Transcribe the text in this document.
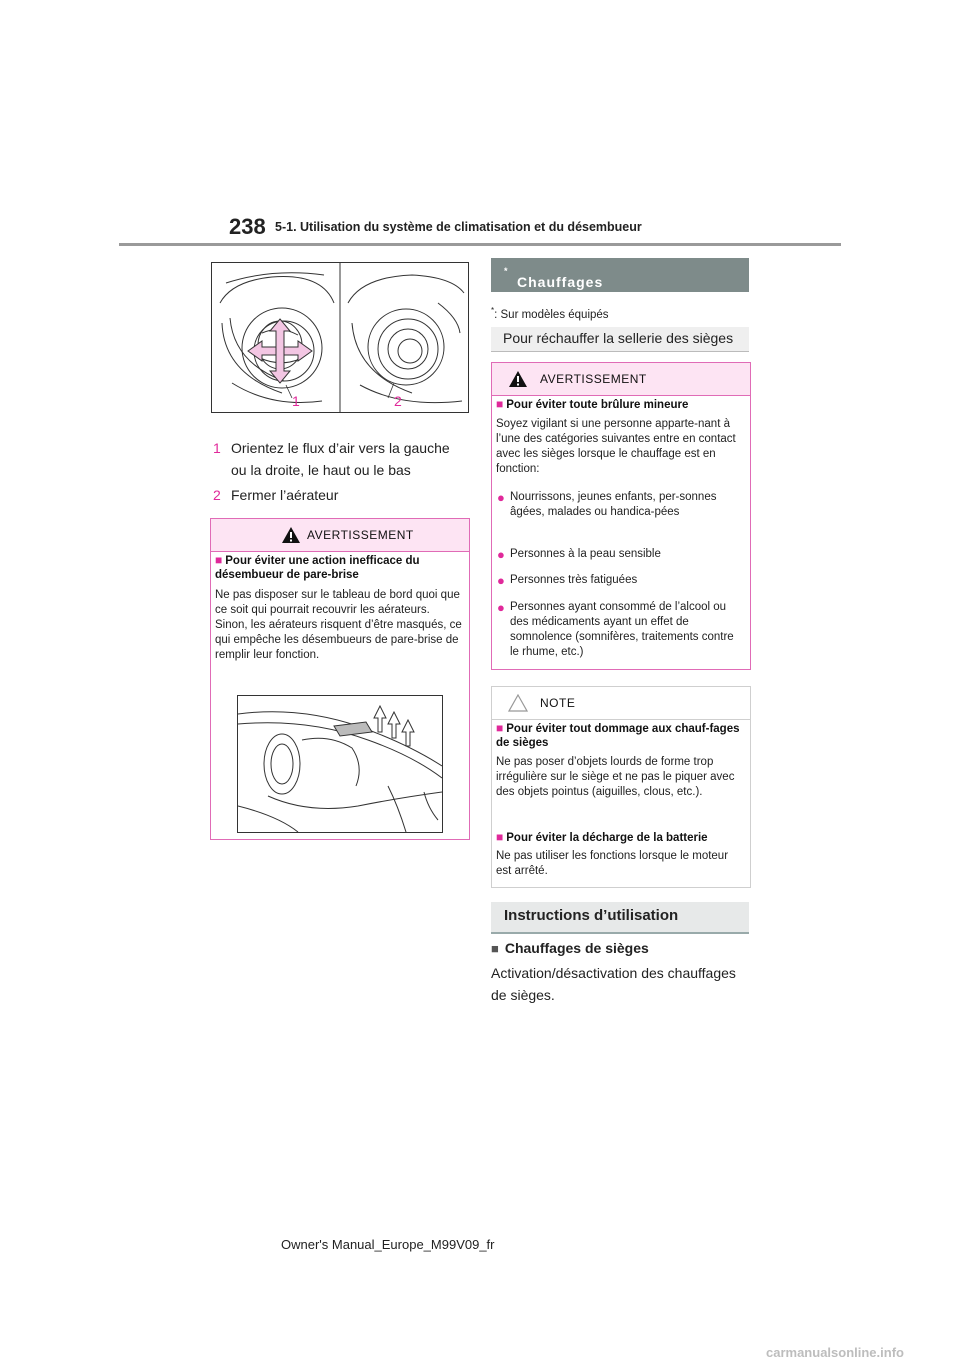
238 5-1. Utilisation du système de climatisation et du désembueur
1	2
1 Orientez le flux d’air vers la gauche ou la droite, le haut ou le bas
2 Fermer l’aérateur
AVERTISSEMENT
■ Pour éviter une action inefficace du désembueur de pare-brise
Ne pas disposer sur le tableau de bord quoi que ce soit qui pourrait recouvrir les aérateurs. Sinon, les aérateurs risquent d’être masqués, ce qui empêche les désembueurs de pare-brise de remplir leur fonction.
Chauffages de sièges
*
*: Sur modèles équipés
Pour réchauffer la sellerie des sièges
AVERTISSEMENT
■ Pour éviter toute brûlure mineure
Soyez vigilant si une personne apparte-nant à l’une des catégories suivantes entre en contact avec les sièges lorsque le chauffage est en fonction:
● Nourrissons, jeunes enfants, per-sonnes âgées, malades ou handica-pées
● Personnes à la peau sensible
● Personnes très fatiguées
● Personnes ayant consommé de l’alcool ou des médicaments ayant un effet de somnolence (somnifères, traitements contre le rhume, etc.)
NOTE
■ Pour éviter tout dommage aux chauf-fages de sièges
Ne pas poser d’objets lourds de forme trop irrégulière sur le siège et ne pas le piquer avec des objets pointus (aiguilles, clous, etc.).
■ Pour éviter la décharge de la batterie
Ne pas utiliser les fonctions lorsque le moteur est arrêté.
Instructions d’utilisation
■ Chauffages de sièges
Activation/désactivation des chauffages de sièges.
Owner's Manual_Europe_M99V09_fr
carmanualsonline.info
